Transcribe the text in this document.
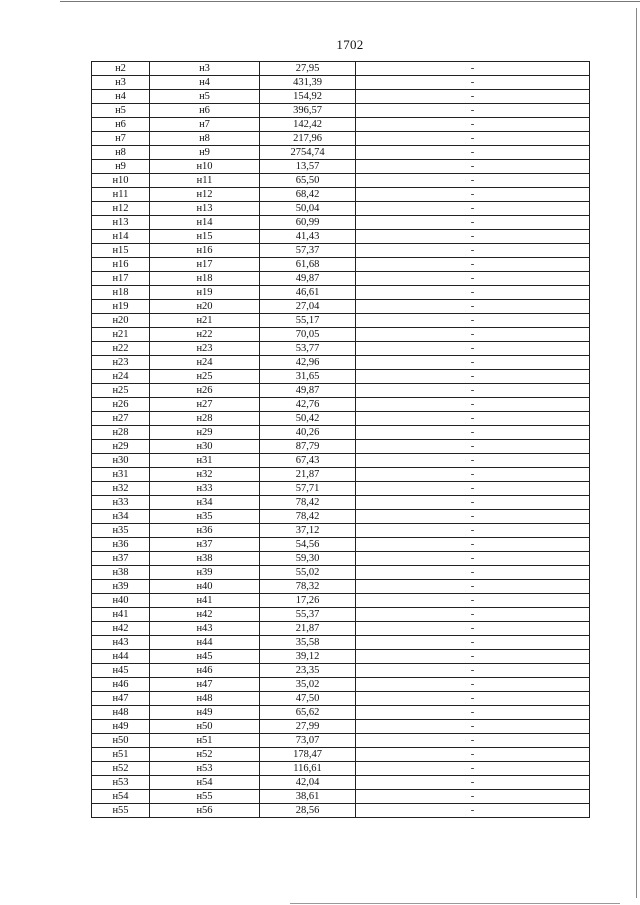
1702
н2	н3	27,95	-
н3	н4	431,39	-
н4	н5	154,92	-
н5	н6	396,57	-
н6	н7	142,42	-
н7	н8	217,96	-
н8	н9	2754,74	-
н9	н10	13,57	-
н10	н11	65,50	-
н11	н12	68,42	-
н12	н13	50,04	-
н13	н14	60,99	-
н14	н15	41,43	-
н15	н16	57,37	-
н16	н17	61,68	-
н17	н18	49,87	-
н18	н19	46,61	-
н19	н20	27,04	-
н20	н21	55,17	-
н21	н22	70,05	-
н22	н23	53,77	-
н23	н24	42,96	-
н24	н25	31,65	-
н25	н26	49,87	-
н26	н27	42,76	-
н27	н28	50,42	-
н28	н29	40,26	-
н29	н30	87,79	-
н30	н31	67,43	-
н31	н32	21,87	-
н32	н33	57,71	-
н33	н34	78,42	-
н34	н35	78,42	-
н35	н36	37,12	-
н36	н37	54,56	-
н37	н38	59,30	-
н38	н39	55,02	-
н39	н40	78,32	-
н40	н41	17,26	-
н41	н42	55,37	-
н42	н43	21,87	-
н43	н44	35,58	-
н44	н45	39,12	-
н45	н46	23,35	-
н46	н47	35,02	-
н47	н48	47,50	-
н48	н49	65,62	-
н49	н50	27,99	-
н50	н51	73,07	-
н51	н52	178,47	-
н52	н53	116,61	-
н53	н54	42,04	-
н54	н55	38,61	-
н55	н56	28,56	-
